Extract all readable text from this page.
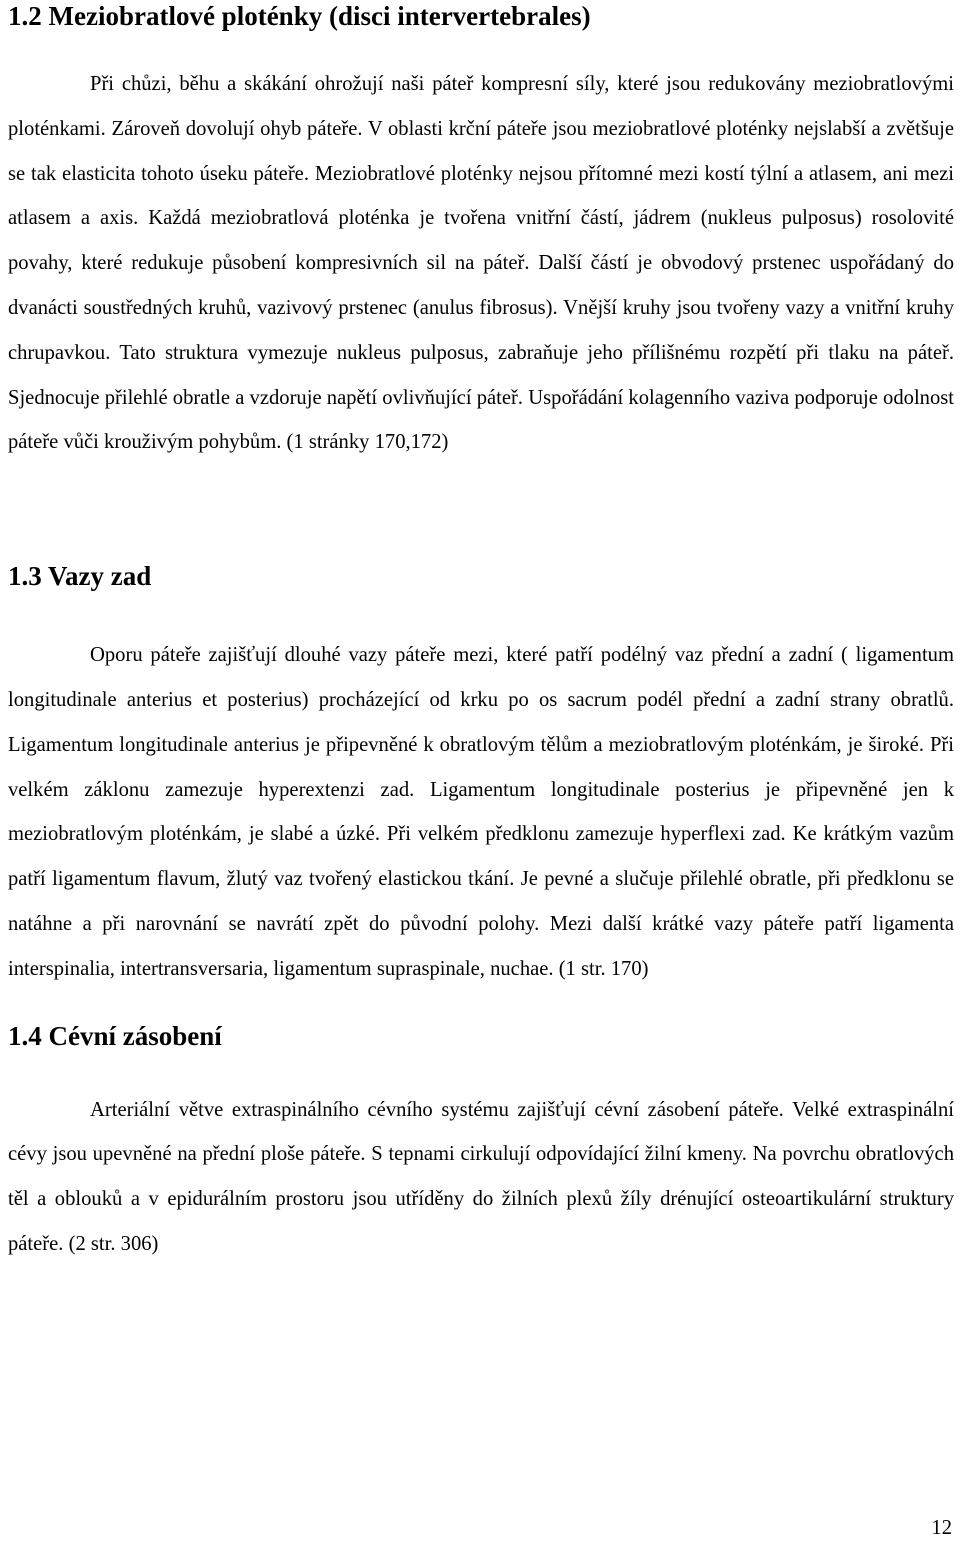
1.2 Meziobratlové ploténky (disci intervertebrales)

Při chůzi, běhu a skákání ohrožují naši páteř kompresní síly, které jsou redukovány meziobratlovými ploténkami. Zároveň dovolují ohyb páteře. V oblasti krční páteře jsou meziobratlové ploténky nejslabší a zvětšuje se tak elasticita tohoto úseku páteře. Meziobratlové ploténky nejsou přítomné mezi kostí týlní a atlasem, ani mezi atlasem a axis. Každá meziobratlová ploténka je tvořena vnitřní částí, jádrem (nukleus pulposus) rosolovité povahy, které redukuje působení kompresivních sil na páteř. Další částí je obvodový prstenec uspořádaný do dvanácti soustředných kruhů, vazivový prstenec (anulus fibrosus). Vnější kruhy jsou tvořeny vazy a vnitřní kruhy chrupavkou. Tato struktura vymezuje nukleus pulposus, zabraňuje jeho přílišnému rozpětí při tlaku na páteř. Sjednocuje přilehlé obratle a vzdoruje napětí ovlivňující páteř. Uspořádání kolagenního vaziva podporuje odolnost páteře vůči krouživým pohybům. (1 stránky 170,172)

1.3 Vazy zad

Oporu páteře zajišťují dlouhé vazy páteře mezi, které patří podélný vaz přední a zadní ( ligamentum longitudinale anterius et posterius) procházející od krku po os sacrum podél přední a zadní strany obratlů. Ligamentum longitudinale anterius je připevněné k obratlovým tělům a meziobratlovým ploténkám, je široké. Při velkém záklonu zamezuje hyperextenzi zad. Ligamentum longitudinale posterius je připevněné jen k meziobratlovým ploténkám, je slabé a úzké. Při velkém předklonu zamezuje hyperflexi zad. Ke krátkým vazům patří ligamentum flavum, žlutý vaz tvořený elastickou tkání. Je pevné a slučuje přilehlé obratle, při předklonu se natáhne a při narovnání se navrátí zpět do původní polohy. Mezi další krátké vazy páteře patří ligamenta interspinalia, intertransversaria, ligamentum supraspinale, nuchae. (1 str. 170)

1.4 Cévní zásobení

Arteriální větve extraspinálního cévního systému zajišťují cévní zásobení páteře. Velké extraspinální cévy jsou upevněné na přední ploše páteře. S tepnami cirkulují odpovídající žilní kmeny. Na povrchu obratlových těl a oblouků a v epidurálním prostoru jsou utříděny do žilních plexů žíly drénující osteoartikulární struktury páteře. (2 str. 306)

12
